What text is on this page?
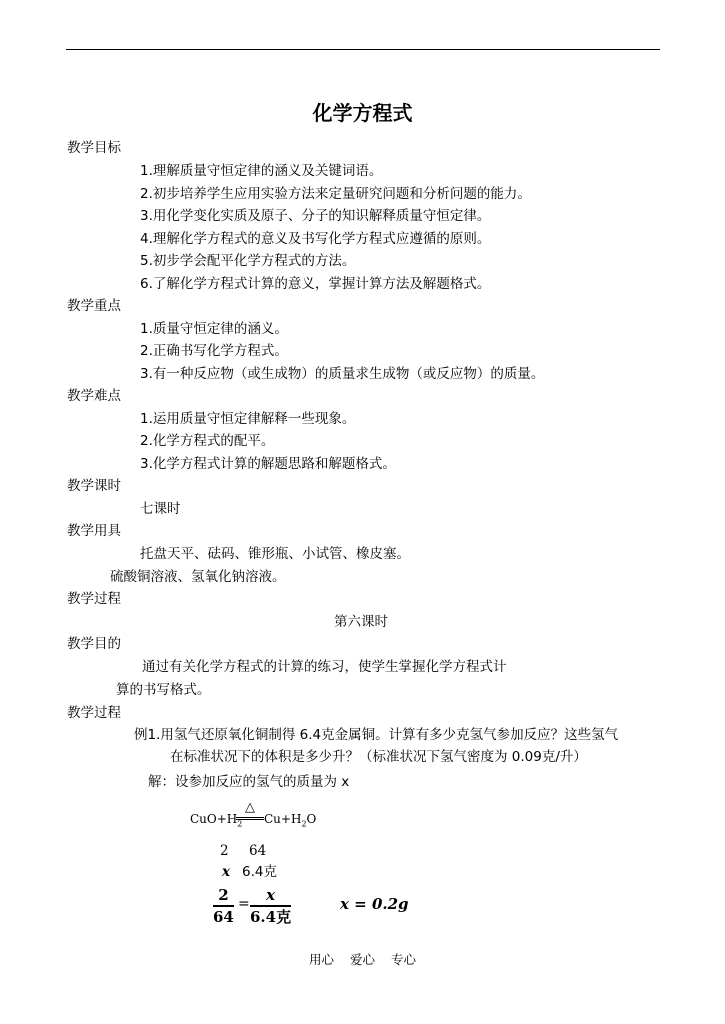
化学方程式
教学目标
1.理解质量守恒定律的涵义及关键词语。
2.初步培养学生应用实验方法来定量研究问题和分析问题的能力。
3.用化学变化实质及原子、分子的知识解释质量守恒定律。
4.理解化学方程式的意义及书写化学方程式应遵循的原则。
5.初步学会配平化学方程式的方法。
6.了解化学方程式计算的意义，掌握计算方法及解题格式。
教学重点
1.质量守恒定律的涵义。
2.正确书写化学方程式。
3.有一种反应物（或生成物）的质量求生成物（或反应物）的质量。
教学难点
1.运用质量守恒定律解释一些现象。
2.化学方程式的配平。
3.化学方程式计算的解题思路和解题格式。
教学课时
七课时
教学用具
托盘天平、砝码、锥形瓶、小试管、橡皮塞。
硫酸铜溶液、氢氧化钠溶液。
教学过程
第六课时
教学目的
通过有关化学方程式的计算的练习，使学生掌握化学方程式计
算的书写格式。
教学过程
例1.用氢气还原氧化铜制得 6.4克金属铜。计算有多少克氢气参加反应？这些氢气
在标准状况下的体积是多少升？（标准状况下氢气密度为 0.09克/升）
解：设参加反应的氢气的质量为 x
△
$CuO+H_2$ $Cu+H_2O$
2 64
x 6.4克
2
64
=	x
6.4克
x = 0.2g
用心 爱心 专心
